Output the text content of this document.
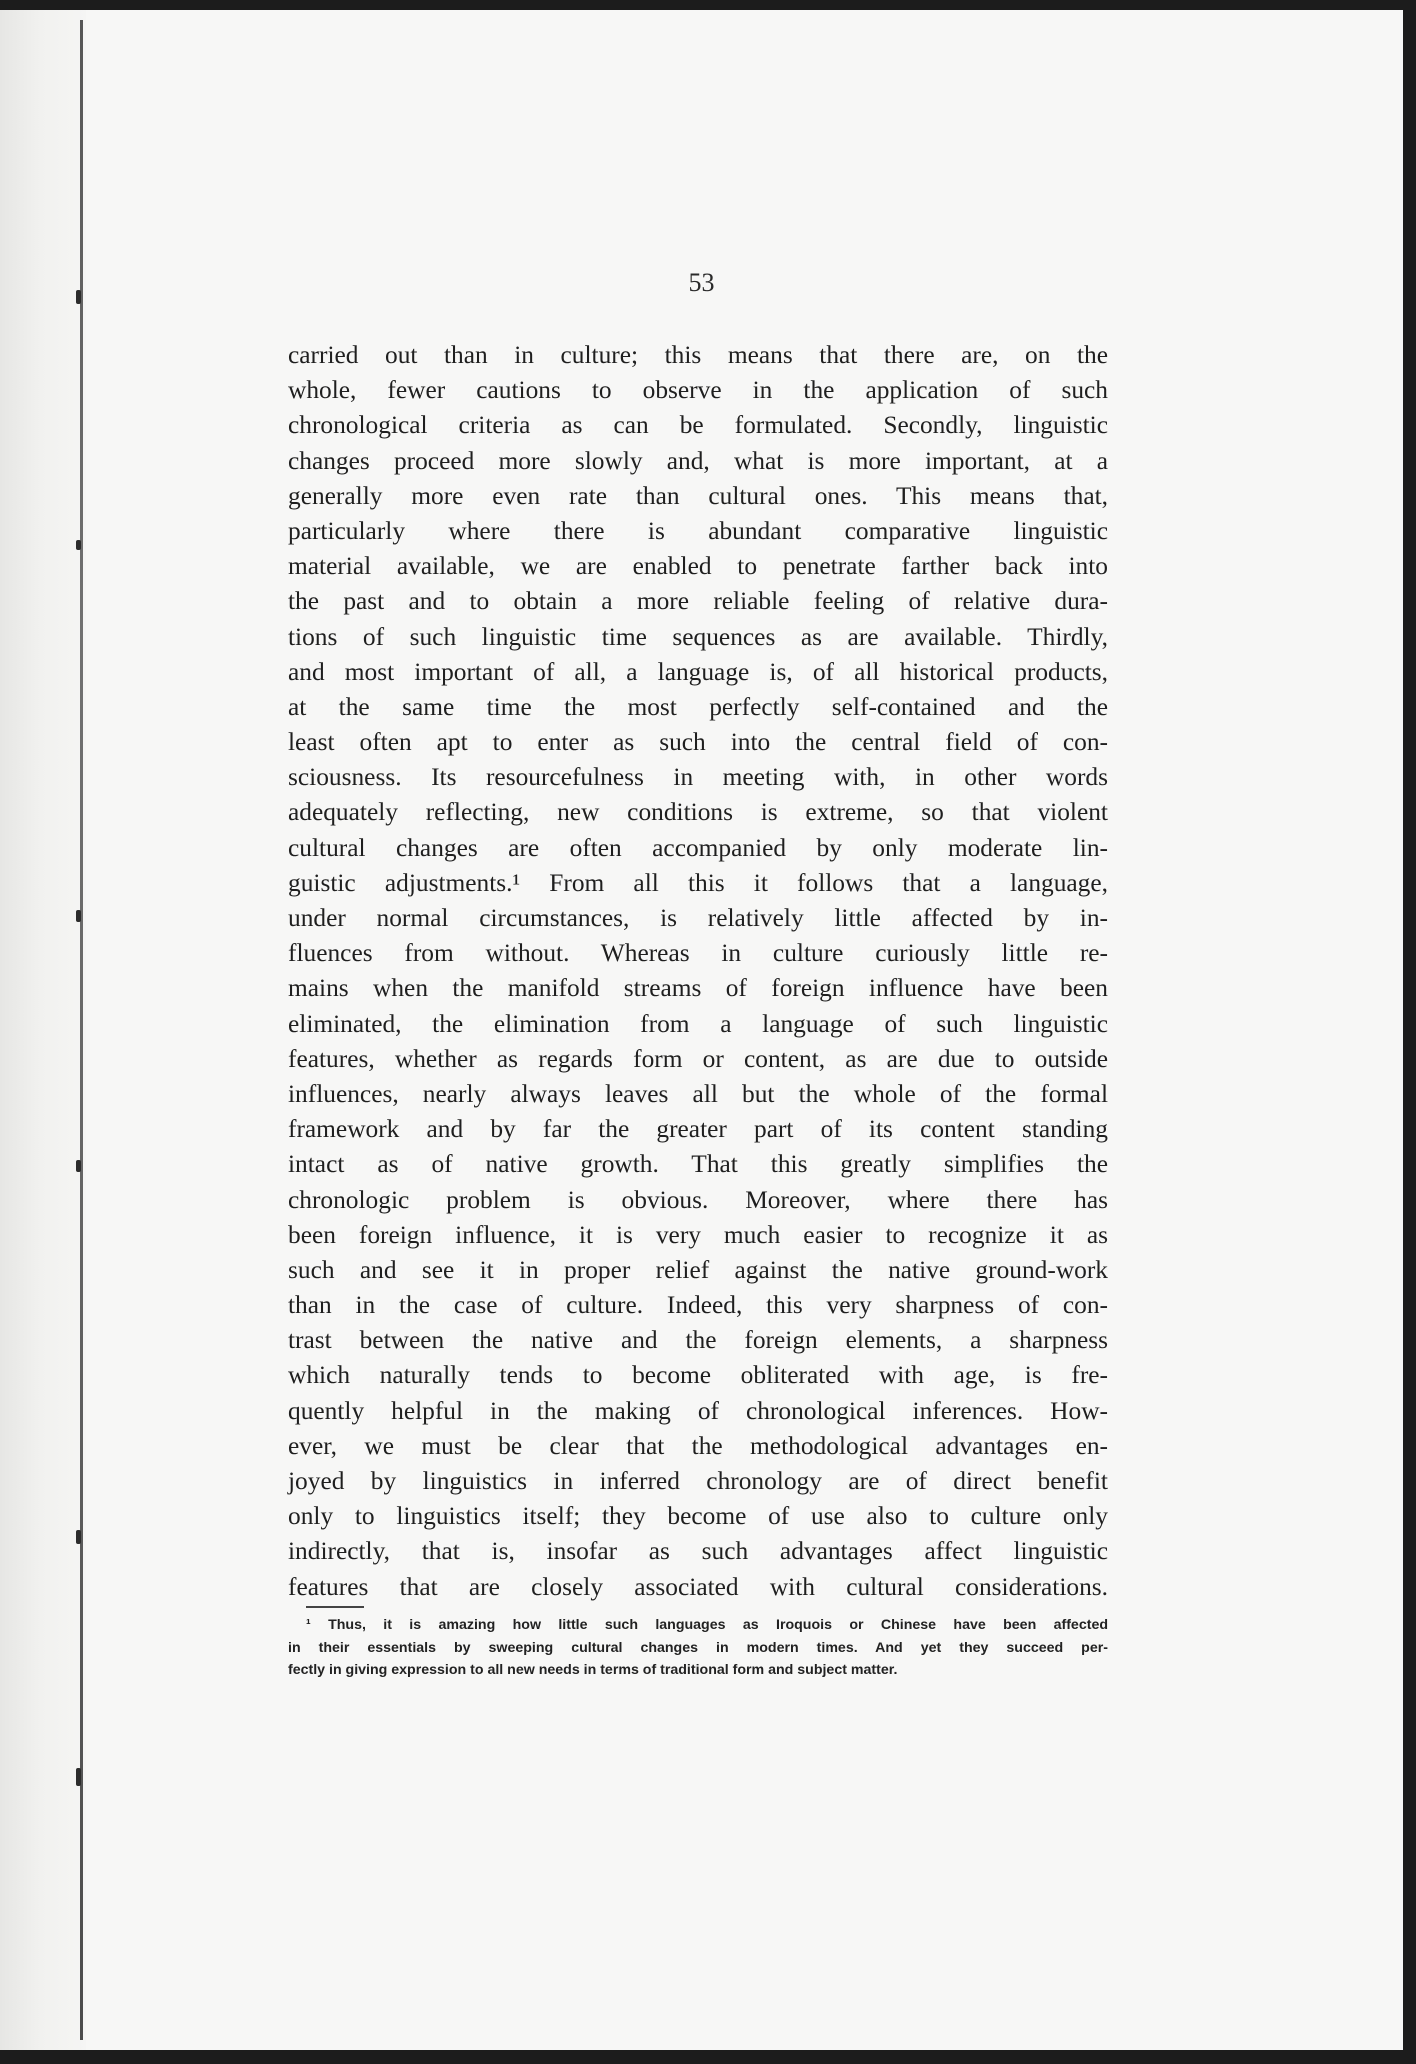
53
carried out than in culture; this means that there are, on the
whole, fewer cautions to observe in the application of such
chronological criteria as can be formulated. Secondly, linguistic
changes proceed more slowly and, what is more important, at a
generally more even rate than cultural ones. This means that,
particularly where there is abundant comparative linguistic
material available, we are enabled to penetrate farther back into
the past and to obtain a more reliable feeling of relative dura-
tions of such linguistic time sequences as are available. Thirdly,
and most important of all, a language is, of all historical products,
at the same time the most perfectly self-contained and the
least often apt to enter as such into the central field of con-
sciousness. Its resourcefulness in meeting with, in other words
adequately reflecting, new conditions is extreme, so that violent
cultural changes are often accompanied by only moderate lin-
guistic adjustments.¹ From all this it follows that a language,
under normal circumstances, is relatively little affected by in-
fluences from without. Whereas in culture curiously little re-
mains when the manifold streams of foreign influence have been
eliminated, the elimination from a language of such linguistic
features, whether as regards form or content, as are due to outside
influences, nearly always leaves all but the whole of the formal
framework and by far the greater part of its content standing
intact as of native growth. That this greatly simplifies the
chronologic problem is obvious. Moreover, where there has
been foreign influence, it is very much easier to recognize it as
such and see it in proper relief against the native ground-work
than in the case of culture. Indeed, this very sharpness of con-
trast between the native and the foreign elements, a sharpness
which naturally tends to become obliterated with age, is fre-
quently helpful in the making of chronological inferences. How-
ever, we must be clear that the methodological advantages en-
joyed by linguistics in inferred chronology are of direct benefit
only to linguistics itself; they become of use also to culture only
indirectly, that is, insofar as such advantages affect linguistic
features that are closely associated with cultural considerations.
¹ Thus, it is amazing how little such languages as Iroquois or Chinese have been affected
in their essentials by sweeping cultural changes in modern times. And yet they succeed per-
fectly in giving expression to all new needs in terms of traditional form and subject matter.
